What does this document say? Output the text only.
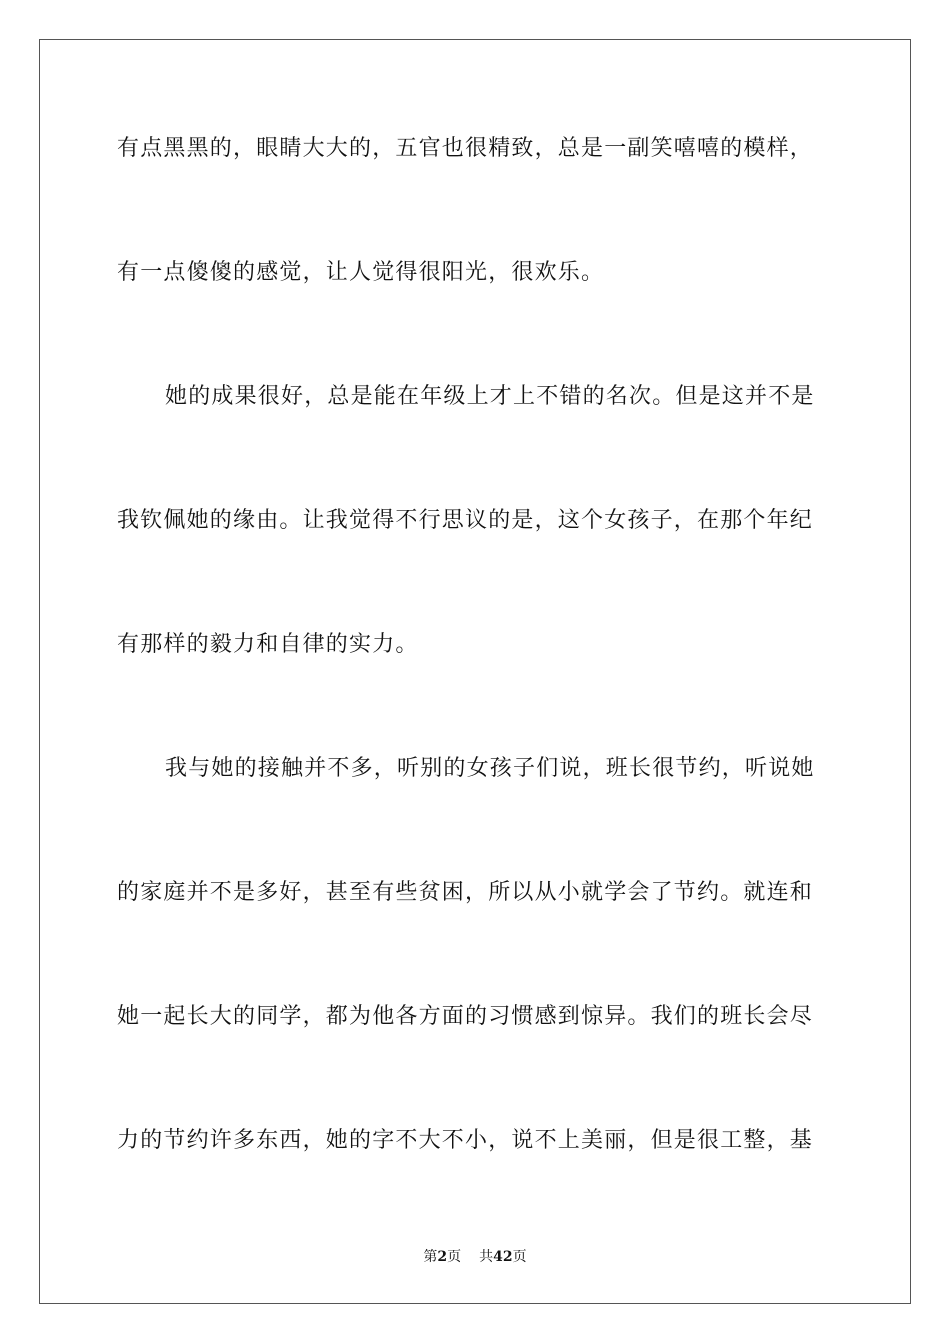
有点黑黑的，眼睛大大的，五官也很精致，总是一副笑嘻嘻的模样，
有一点傻傻的感觉，让人觉得很阳光，很欢乐。
她的成果很好，总是能在年级上才上不错的名次。但是这并不是
我钦佩她的缘由。让我觉得不行思议的是，这个女孩子，在那个年纪
有那样的毅力和自律的实力。
我与她的接触并不多，听别的女孩子们说，班长很节约，听说她
的家庭并不是多好，甚至有些贫困，所以从小就学会了节约。就连和
她一起长大的同学，都为他各方面的习惯感到惊异。我们的班长会尽
力的节约许多东西，她的字不大不小，说不上美丽，但是很工整，基
第2页 共42页
